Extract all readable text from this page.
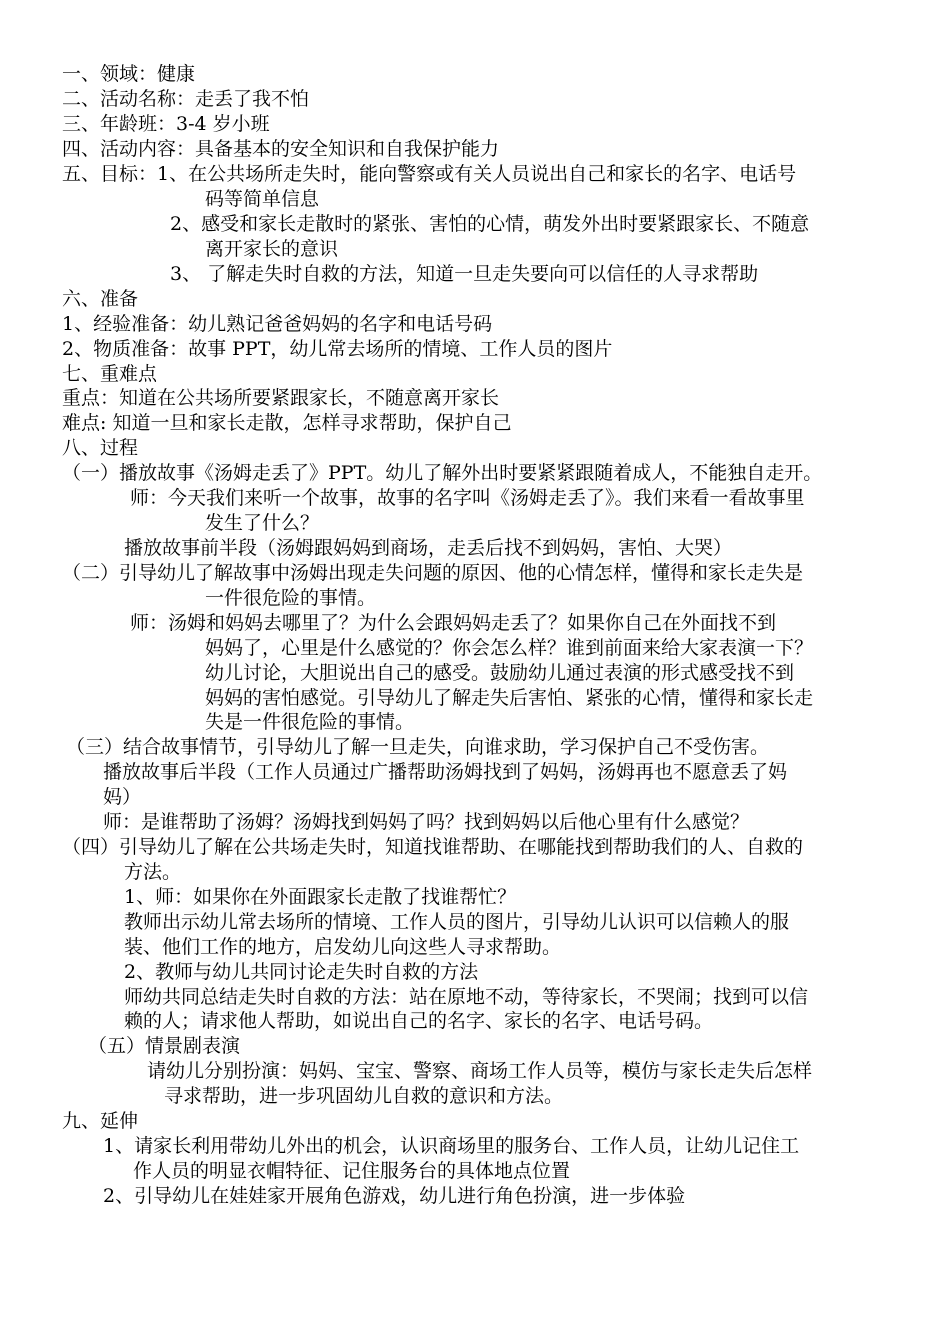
一、领域：健康
二、活动名称：走丢了我不怕
三、年龄班：3-4 岁小班
四、活动内容：具备基本的安全知识和自我保护能力
五、目标：1、在公共场所走失时，能向警察或有关人员说出自己和家长的名字、电话号
码等简单信息
2、感受和家长走散时的紧张、害怕的心情，萌发外出时要紧跟家长、不随意
离开家长的意识
3、 了解走失时自救的方法，知道一旦走失要向可以信任的人寻求帮助
六、准备
1、经验准备：幼儿熟记爸爸妈妈的名字和电话号码
2、物质准备：故事 PPT，幼儿常去场所的情境、工作人员的图片
七、重难点
重点：知道在公共场所要紧跟家长，不随意离开家长
难点: 知道一旦和家长走散，怎样寻求帮助，保护自己
八、过程
（一）播放故事《汤姆走丢了》PPT。幼儿了解外出时要紧紧跟随着成人，不能独自走开。
师：今天我们来听一个故事，故事的名字叫《汤姆走丢了》。我们来看一看故事里
发生了什么？
播放故事前半段（汤姆跟妈妈到商场，走丢后找不到妈妈，害怕、大哭）
（二）引导幼儿了解故事中汤姆出现走失问题的原因、他的心情怎样，懂得和家长走失是
一件很危险的事情。
师：汤姆和妈妈去哪里了？为什么会跟妈妈走丢了？如果你自己在外面找不到
妈妈了，心里是什么感觉的？你会怎么样？谁到前面来给大家表演一下？
幼儿讨论，大胆说出自己的感受。鼓励幼儿通过表演的形式感受找不到
妈妈的害怕感觉。引导幼儿了解走失后害怕、紧张的心情，懂得和家长走
失是一件很危险的事情。
（三）结合故事情节，引导幼儿了解一旦走失，向谁求助，学习保护自己不受伤害。
播放故事后半段（工作人员通过广播帮助汤姆找到了妈妈，汤姆再也不愿意丢了妈
妈）
师：是谁帮助了汤姆？汤姆找到妈妈了吗？找到妈妈以后他心里有什么感觉？
（四）引导幼儿了解在公共场走失时，知道找谁帮助、在哪能找到帮助我们的人、自救的
方法。
1、师：如果你在外面跟家长走散了找谁帮忙？
教师出示幼儿常去场所的情境、工作人员的图片，引导幼儿认识可以信赖人的服
装、他们工作的地方，启发幼儿向这些人寻求帮助。
2、教师与幼儿共同讨论走失时自救的方法
师幼共同总结走失时自救的方法：站在原地不动，等待家长，不哭闹；找到可以信
赖的人；请求他人帮助，如说出自己的名字、家长的名字、电话号码。
（五）情景剧表演
请幼儿分别扮演：妈妈、宝宝、警察、商场工作人员等，模仿与家长走失后怎样
寻求帮助，进一步巩固幼儿自救的意识和方法。
九、延伸
1、请家长利用带幼儿外出的机会，认识商场里的服务台、工作人员，让幼儿记住工
作人员的明显衣帽特征、记住服务台的具体地点位置
2、引导幼儿在娃娃家开展角色游戏，幼儿进行角色扮演，进一步体验
